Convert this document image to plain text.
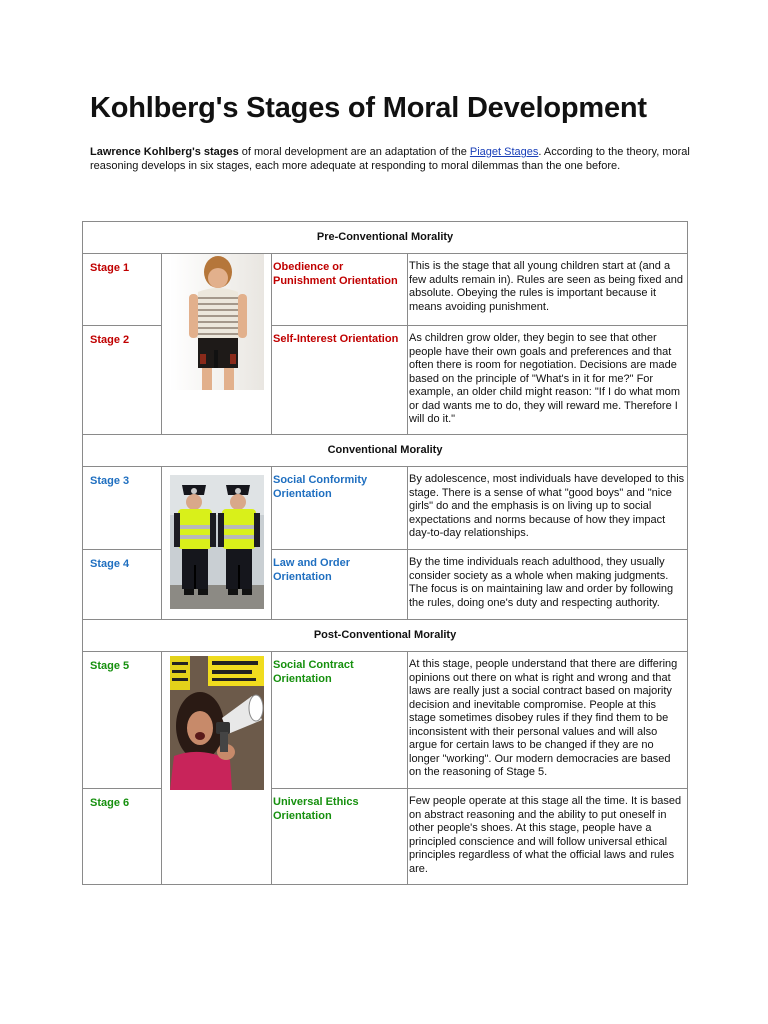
Kohlberg's Stages of Moral Development
Lawrence Kohlberg's stages of moral development are an adaptation of the Piaget Stages. According to the theory, moral reasoning develops in six stages, each more adequate at responding to moral dilemmas than the one before.
Pre-Conventional Morality			
Stage 1		Obedience or Punishment Orientation	This is the stage that all young children start at (and a few adults remain in). Rules are seen as being fixed and absolute. Obeying the rules is important because it means avoiding punishment.
Stage 2		Self-Interest Orientation	As children grow older, they begin to see that other people have their own goals and preferences and that often there is room for negotiation. Decisions are made based on the principle of "What's in it for me?" For example, an older child might reason: "If I do what mom or dad wants me to do, they will reward me. Therefore I will do it."
Conventional Morality			
Stage 3		Social Conformity Orientation	By adolescence, most individuals have developed to this stage. There is a sense of what "good boys" and "nice girls" do and the emphasis is on living up to social expectations and norms because of how they impact day-to-day relationships.
Stage 4		Law and Order Orientation	By the time individuals reach adulthood, they usually consider society as a whole when making judgments. The focus is on maintaining law and order by following the rules, doing one's duty and respecting authority.
Post-Conventional Morality			
Stage 5		Social Contract Orientation	At this stage, people understand that there are differing opinions out there on what is right and wrong and that laws are really just a social contract based on majority decision and inevitable compromise. People at this stage sometimes disobey rules if they find them to be inconsistent with their personal values and will also argue for certain laws to be changed if they are no longer "working". Our modern democracies are based on the reasoning of Stage 5.
Stage 6		Universal Ethics Orientation	Few people operate at this stage all the time. It is based on abstract reasoning and the ability to put oneself in other people's shoes. At this stage, people have a principled conscience and will follow universal ethical principles regardless of what the official laws and rules are.
